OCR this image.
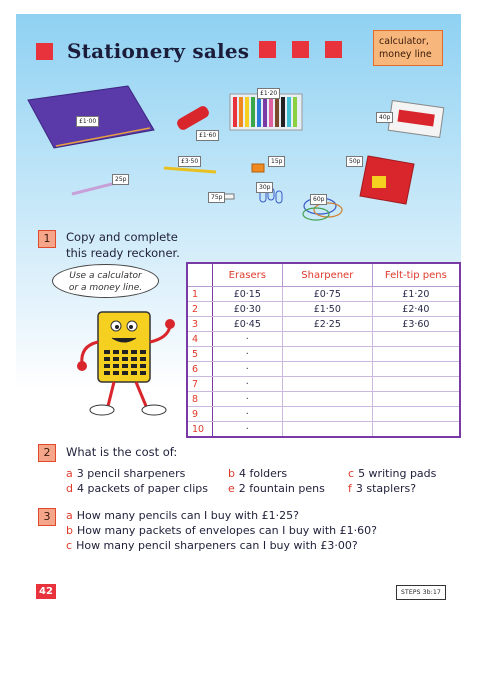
Stationery sales	calculator,
money line
£1·00
£1·60
£1·20
40p
£3·50	15p	50p
25p
75p
30p
60p
1	Copy and complete
this ready reckoner.
Use a calculator
or a money line.
	Erasers	Sharpener	Felt-tip pens
1	£0·15	£0·75	£1·20
2	£0·30	£1·50	£2·40
3	£0·45	£2·25	£3·60
4	·		
5	·		
6	·		
7	·		
8	·		
9	·		
10	·		
2	What is the cost of:
a 3 pencil sharpeners	b 4 folders	c 5 writing pads
d 4 packets of paper clips e 2 fountain pens f 3 staplers?
3	a How many pencils can I buy with £1·25?
b How many packets of envelopes can I buy with £1·60?
c How many pencil sharpeners can I buy with £3·00?
42	STEPS 3b:17
